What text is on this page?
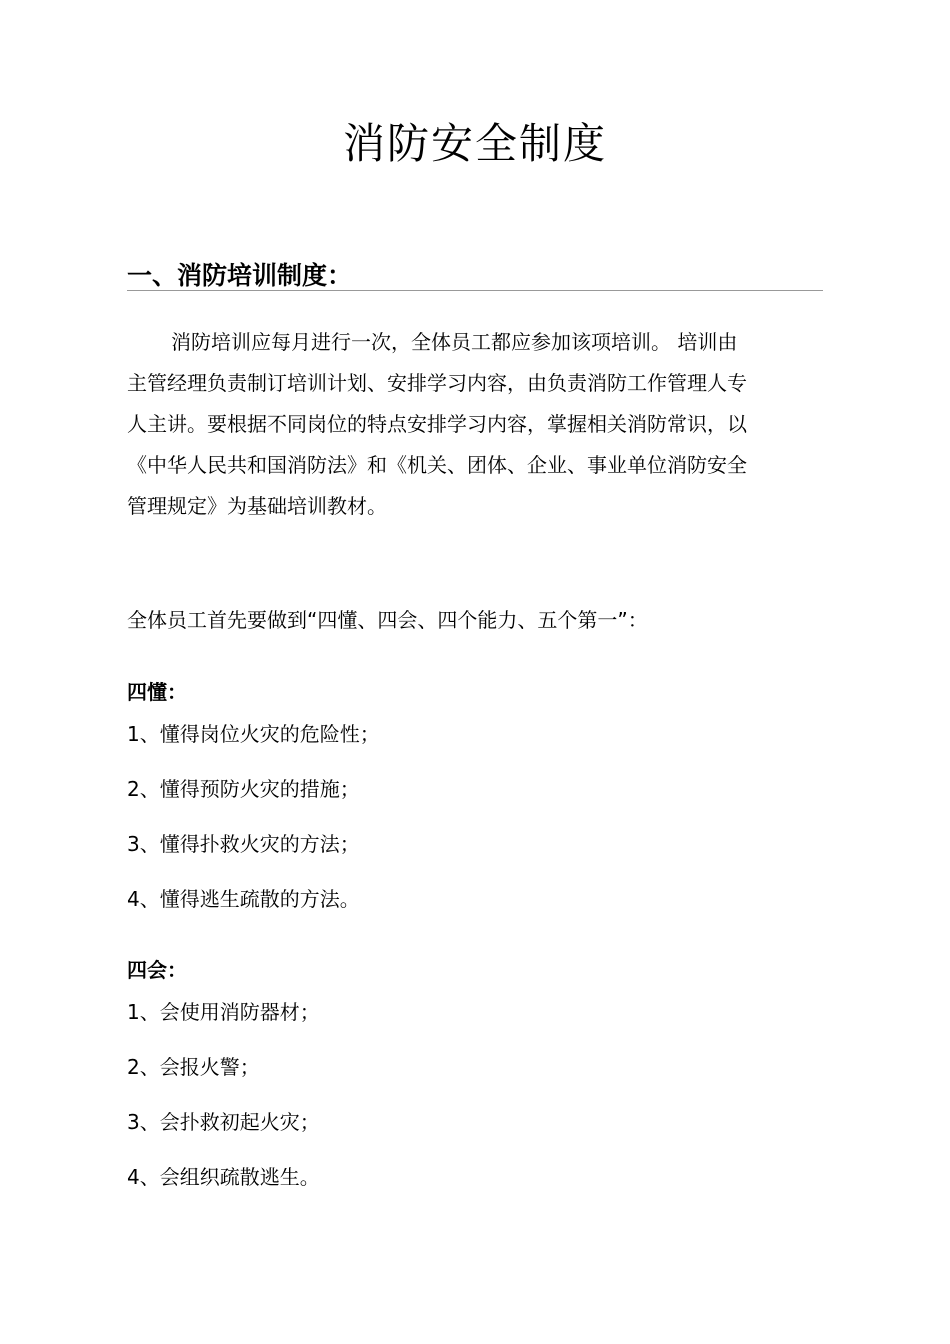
消防安全制度
一、消防培训制度：
消防培训应每月进行一次，全体员工都应参加该项培训。 培训由
主管经理负责制订培训计划、安排学习内容，由负责消防工作管理人专
人主讲。要根据不同岗位的特点安排学习内容，掌握相关消防常识，以
《中华人民共和国消防法》和《机关、团体、企业、事业单位消防安全
管理规定》为基础培训教材。
全体员工首先要做到“四懂、四会、四个能力、五个第一”：
四懂：
1、懂得岗位火灾的危险性；
2、懂得预防火灾的措施；
3、懂得扑救火灾的方法；
4、懂得逃生疏散的方法。
四会：
1、会使用消防器材；
2、会报火警；
3、会扑救初起火灾；
4、会组织疏散逃生。
